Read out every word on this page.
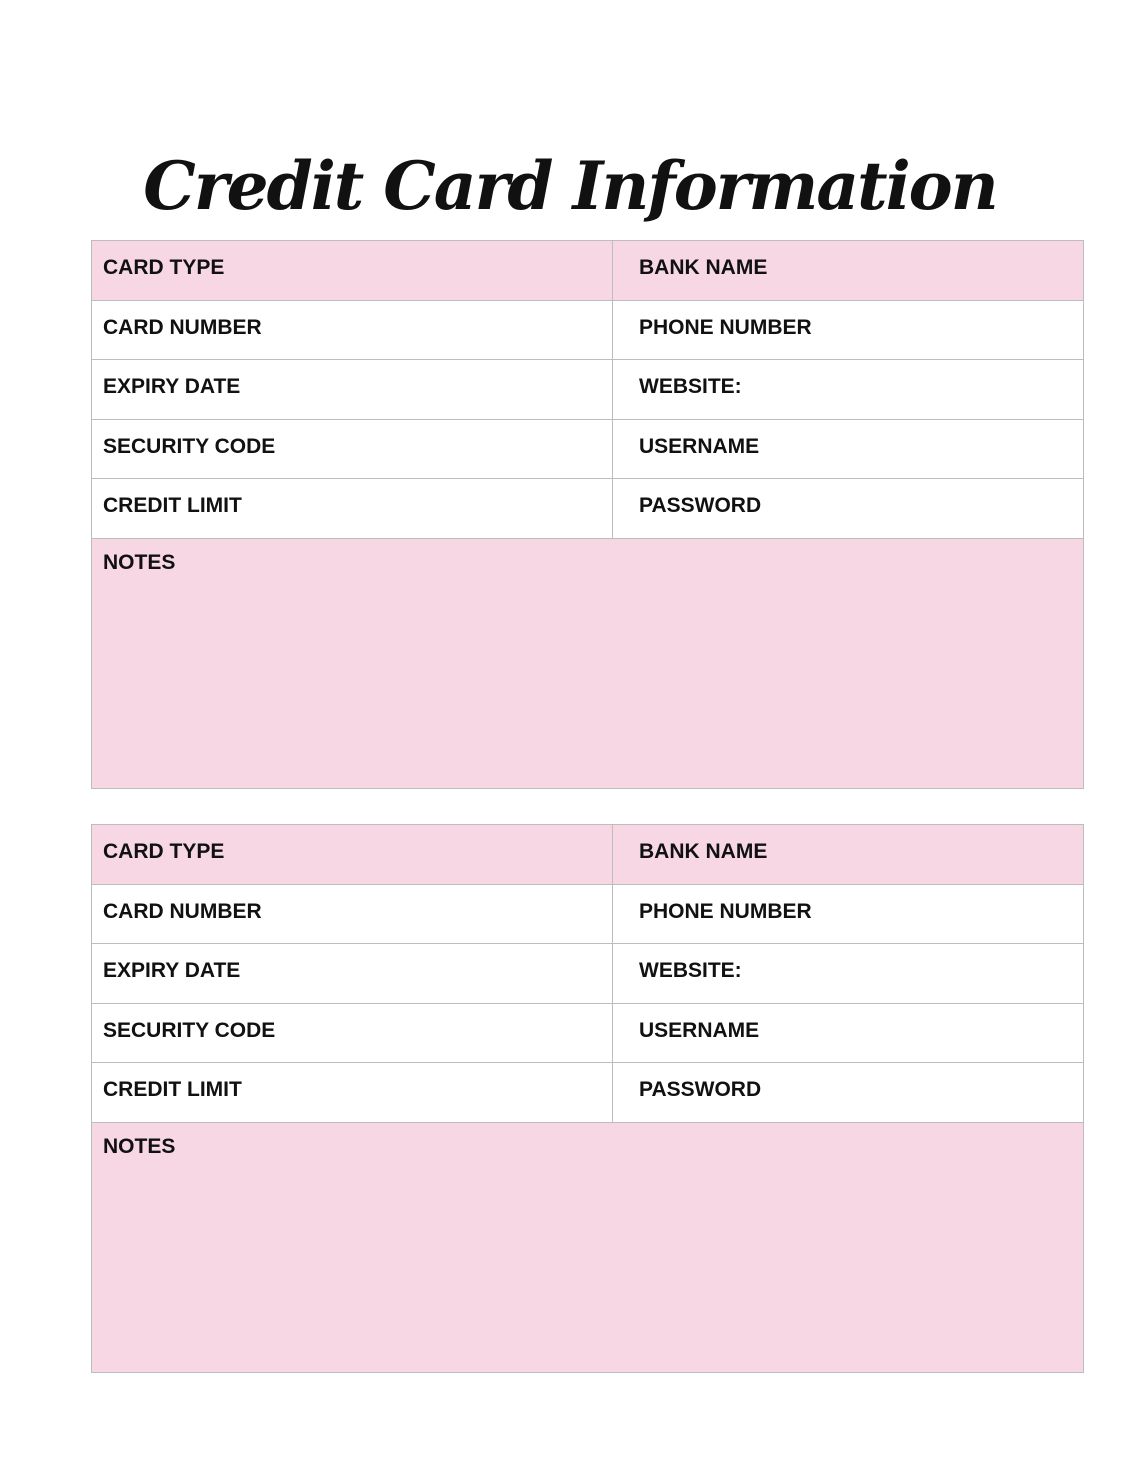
Credit Card Information
CARD TYPE	BANK NAME
CARD NUMBER	PHONE NUMBER
EXPIRY DATE	WEBSITE:
SECURITY CODE	USERNAME
CREDIT LIMIT	PASSWORD
NOTES
CARD TYPE	BANK NAME
CARD NUMBER	PHONE NUMBER
EXPIRY DATE	WEBSITE:
SECURITY CODE	USERNAME
CREDIT LIMIT	PASSWORD
NOTES
